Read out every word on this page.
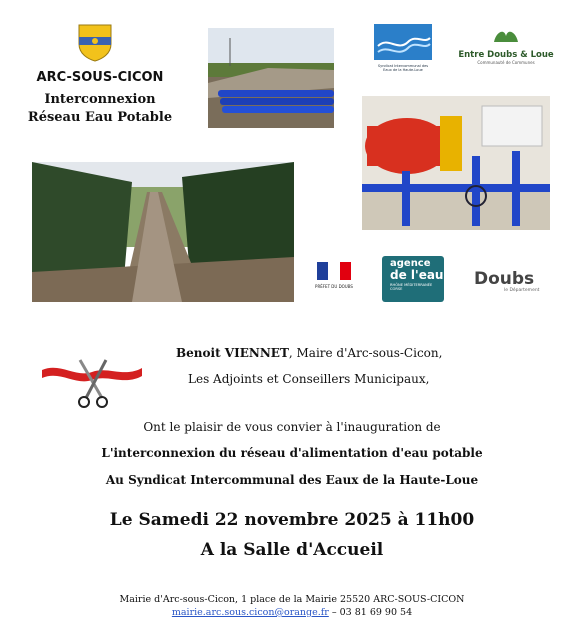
ARC-SOUS-CICON
Interconnexion
Réseau Eau Potable
Syndicat Intercommunal des Eaux de la Haute-Loue
Entre Doubs & Loue
Communauté de Communes
PRÉFET DU DOUBS
agence
de l'eau
RHÔNE MÉDITERRANÉE CORSE	Doubs
le Département
Benoit VIENNET, Maire d'Arc-sous-Cicon,
Les Adjoints et Conseillers Municipaux,
Ont le plaisir de vous convier à l'inauguration de
L'interconnexion du réseau d'alimentation d'eau potable
Au Syndicat Intercommunal des Eaux de la Haute-Loue
Le Samedi 22 novembre 2025 à 11h00
A la Salle d'Accueil
Mairie d'Arc-sous-Cicon, 1 place de la Mairie 25520 ARC-SOUS-CICON
mairie.arc.sous.cicon@orange.fr – 03 81 69 90 54
